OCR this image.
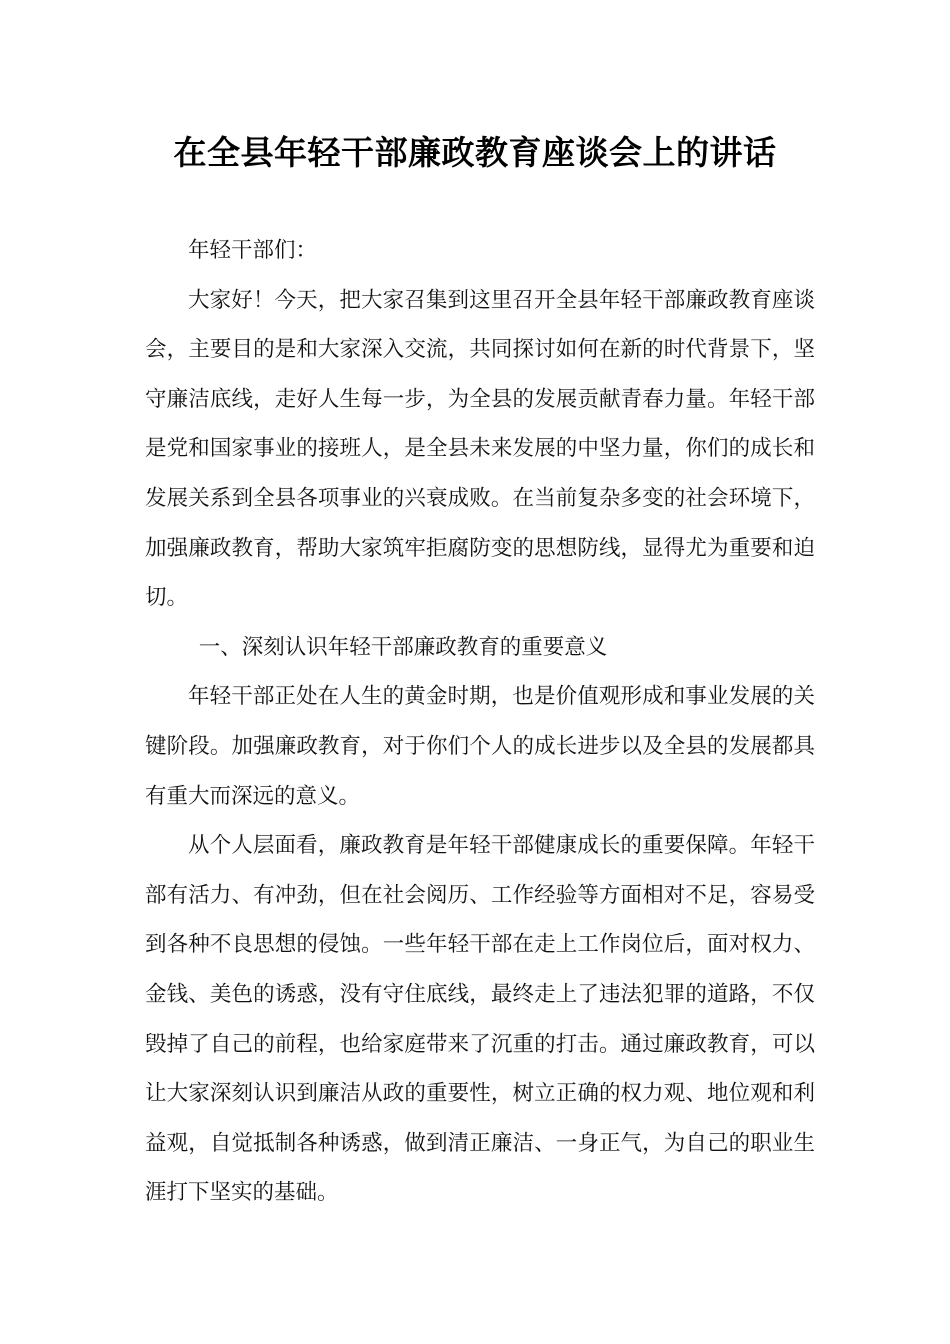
在全县年轻干部廉政教育座谈会上的讲话

年轻干部们：

大家好！今天，把大家召集到这里召开全县年轻干部廉政教育座谈会，主要目的是和大家深入交流，共同探讨如何在新的时代背景下，坚守廉洁底线，走好人生每一步，为全县的发展贡献青春力量。年轻干部是党和国家事业的接班人，是全县未来发展的中坚力量，你们的成长和发展关系到全县各项事业的兴衰成败。在当前复杂多变的社会环境下，加强廉政教育，帮助大家筑牢拒腐防变的思想防线，显得尤为重要和迫切。

一、深刻认识年轻干部廉政教育的重要意义

年轻干部正处在人生的黄金时期，也是价值观形成和事业发展的关键阶段。加强廉政教育，对于你们个人的成长进步以及全县的发展都具有重大而深远的意义。

从个人层面看，廉政教育是年轻干部健康成长的重要保障。年轻干部有活力、有冲劲，但在社会阅历、工作经验等方面相对不足，容易受到各种不良思想的侵蚀。一些年轻干部在走上工作岗位后，面对权力、金钱、美色的诱惑，没有守住底线，最终走上了违法犯罪的道路，不仅毁掉了自己的前程，也给家庭带来了沉重的打击。通过廉政教育，可以让大家深刻认识到廉洁从政的重要性，树立正确的权力观、地位观和利益观，自觉抵制各种诱惑，做到清正廉洁、一身正气，为自己的职业生涯打下坚实的基础。
